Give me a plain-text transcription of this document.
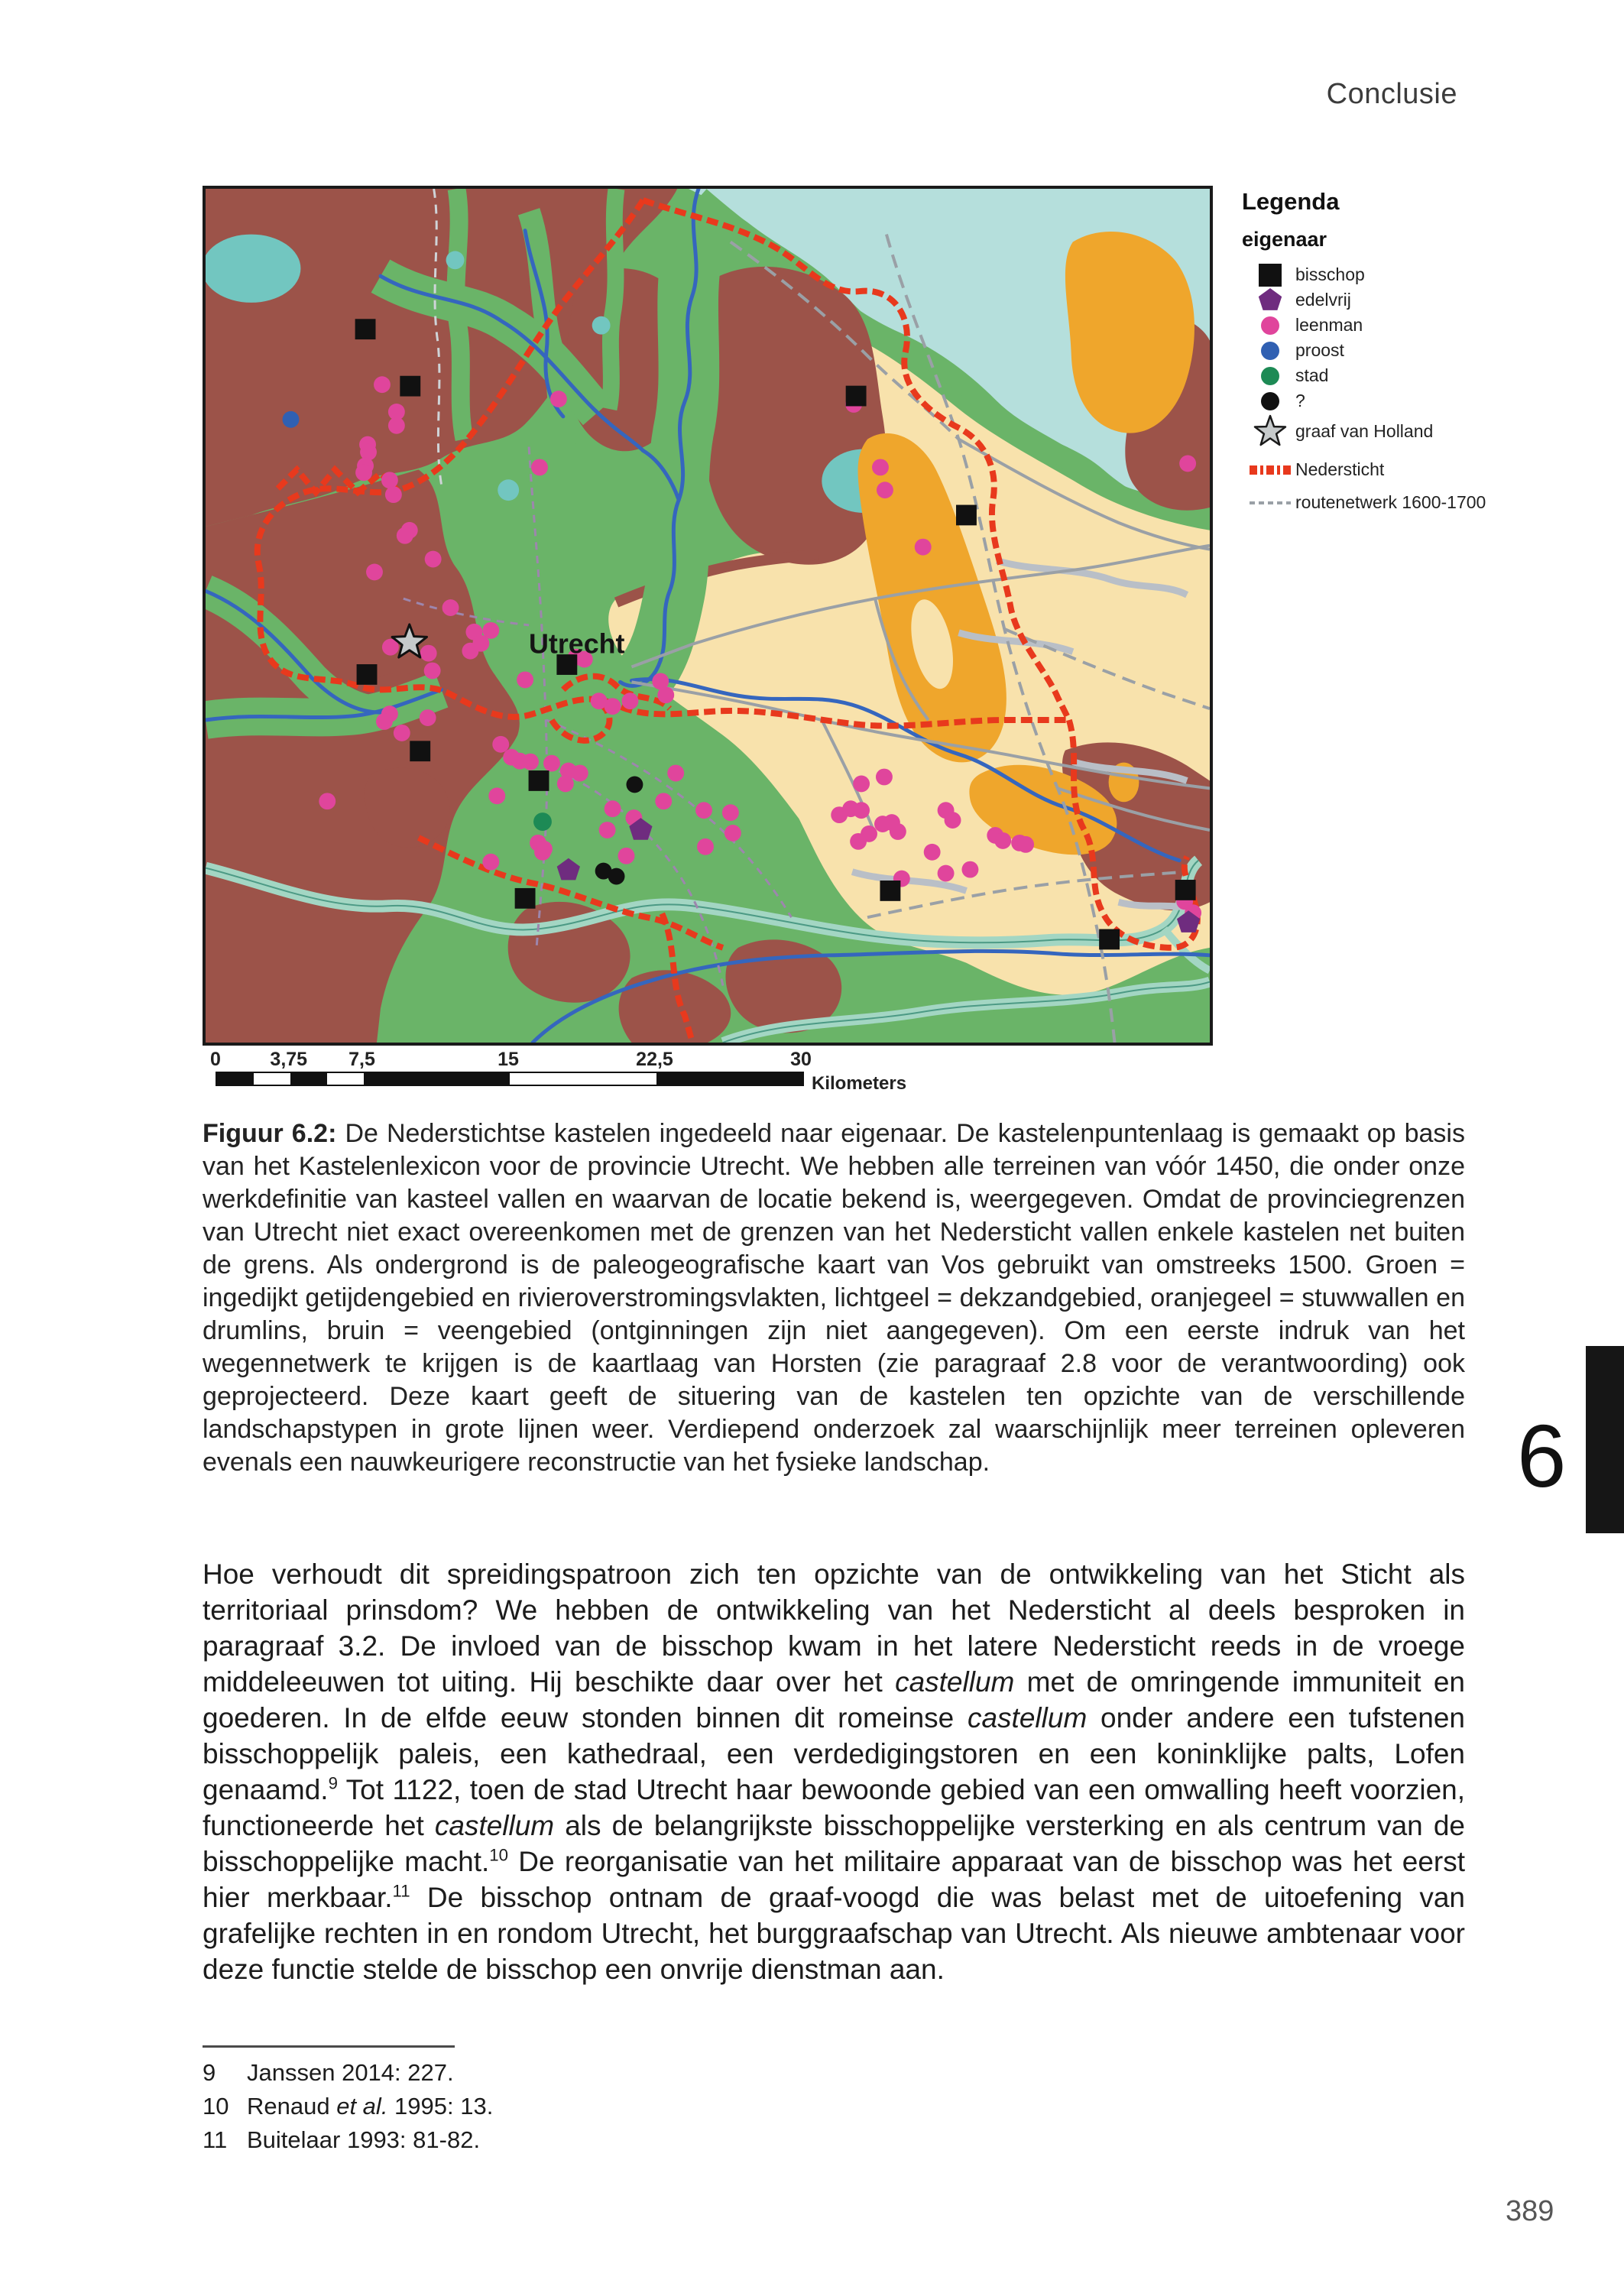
Conclusie
Utrecht
Legenda
eigenaar
bisschop
edelvrij
leenman
proost
stad
?
graaf van Holland
Nedersticht
routenetwerk 1600-1700
0	3,75 7,5	15	22,5	30
Kilometers
Figuur 6.2: De Nederstichtse kastelen ingedeeld naar eigenaar. De kastelenpuntenlaag is gemaakt op basis van het Kastelenlexicon voor de provincie Utrecht. We hebben alle terreinen van vóór 1450, die onder onze werkdefinitie van kasteel vallen en waarvan de locatie bekend is, weergegeven. Omdat de provinciegrenzen van Utrecht niet exact overeenkomen met de grenzen van het Nedersticht vallen enkele kastelen net buiten de grens. Als ondergrond is de paleogeografische kaart van Vos gebruikt van omstreeks 1500. Groen = ingedijkt getijdengebied en rivieroverstromingsvlakten, lichtgeel = dekzandgebied, oranjegeel = stuwwallen en drumlins, bruin = veengebied (ontginningen zijn niet aangegeven). Om een eerste indruk van het wegennetwerk te krijgen is de kaartlaag van Horsten (zie paragraaf 2.8 voor de verantwoording) ook geprojecteerd. Deze kaart geeft de situering van de kastelen ten opzichte van de verschillende landschapstypen in grote lijnen weer. Verdiepend onderzoek zal waarschijnlijk meer terreinen opleveren evenals een nauwkeurigere reconstructie van het fysieke landschap.
Hoe verhoudt dit spreidingspatroon zich ten opzichte van de ontwikkeling van het Sticht als territoriaal prinsdom? We hebben de ontwikkeling van het Nedersticht al deels besproken in paragraaf 3.2. De invloed van de bisschop kwam in het latere Nedersticht reeds in de vroege middeleeuwen tot uiting. Hij beschikte daar over het castellum met de omringende immuniteit en goederen. In de elfde eeuw stonden binnen dit romeinse castellum onder andere een tufstenen bisschoppelijk paleis, een kathedraal, een verdedigingstoren en een koninklijke palts, Lofen genaamd.$^9$ Tot 1122, toen de stad Utrecht haar bewoonde gebied van een omwalling heeft voorzien, functioneerde het castellum als de belangrijkste bisschoppelijke versterking en als centrum van de bisschoppelijke macht.$^{10}$ De reorganisatie van het militaire apparaat van de bisschop was het eerst hier merkbaar.$^{11}$ De bisschop ontnam de graaf-voogd die was belast met de uitoefening van grafelijke rechten in en rondom Utrecht, het burggraafschap van Utrecht. Als nieuwe ambtenaar voor deze functie stelde de bisschop een onvrije dienstman aan.
6
9	Janssen 2014: 227.
10 Renaud et al. 1995: 13.
11 Buitelaar 1993: 81-82.
389
